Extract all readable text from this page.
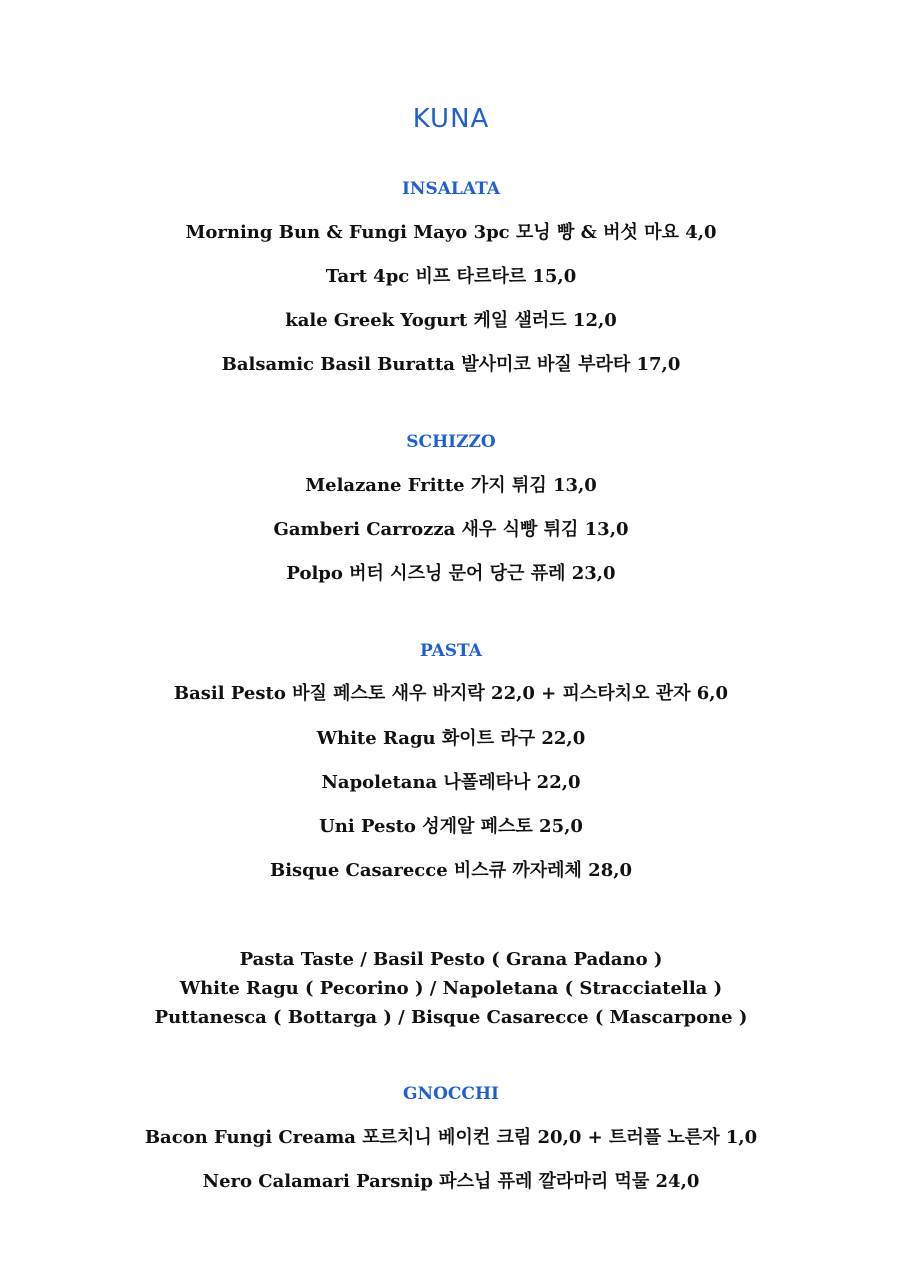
KUNA
INSALATA
Morning Bun & Fungi Mayo 3pc 모닝 빵 & 버섯 마요 4,0
Tart 4pc 비프 타르타르 15,0
kale Greek Yogurt 케일 샐러드 12,0
Balsamic Basil Buratta 발사미코 바질 부라타 17,0
SCHIZZO
Melazane Fritte 가지 튀김 13,0
Gamberi Carrozza 새우 식빵 튀김 13,0
Polpo 버터 시즈닝 문어 당근 퓨레 23,0
PASTA
Basil Pesto 바질 페스토 새우 바지락 22,0 + 피스타치오 관자 6,0
White Ragu 화이트 라구 22,0
Napoletana 나폴레타나 22,0
Uni Pesto 성게알 페스토 25,0
Bisque Casarecce 비스큐 까자레체 28,0
Pasta Taste / Basil Pesto ( Grana Padano )
White Ragu ( Pecorino ) / Napoletana ( Stracciatella )
Puttanesca ( Bottarga ) / Bisque Casarecce ( Mascarpone )
GNOCCHI
Bacon Fungi Creama 포르치니 베이컨 크림 20,0 + 트러플 노른자 1,0
Nero Calamari Parsnip 파스닙 퓨레 깔라마리 먹물 24,0
